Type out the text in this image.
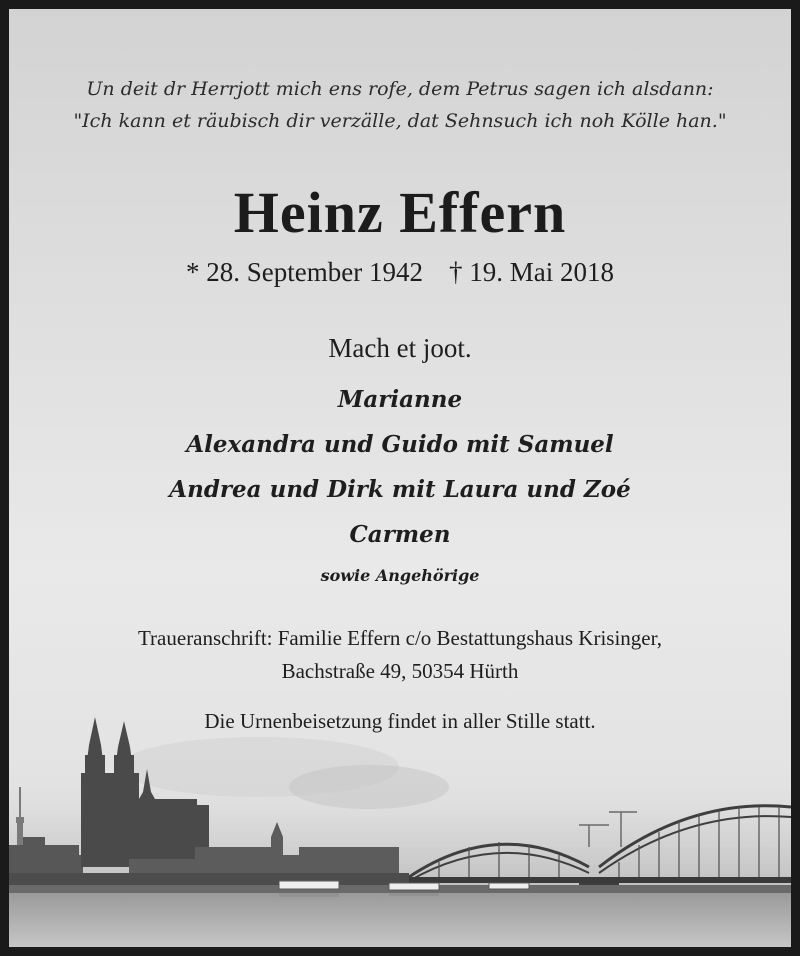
Un deit dr Herrjott mich ens rofe, dem Petrus sagen ich alsdann:
"Ich kann et räubisch dir verzälle, dat Sehnsuch ich noh Kölle han."
Heinz Effern
* 28. September 1942 † 19. Mai 2018
Mach et joot.
Marianne
Alexandra und Guido mit Samuel
Andrea und Dirk mit Laura und Zoé
Carmen
sowie Angehörige
Traueranschrift: Familie Effern c/o Bestattungshaus Krisinger,
Bachstraße 49, 50354 Hürth
Die Urnenbeisetzung findet in aller Stille statt.
